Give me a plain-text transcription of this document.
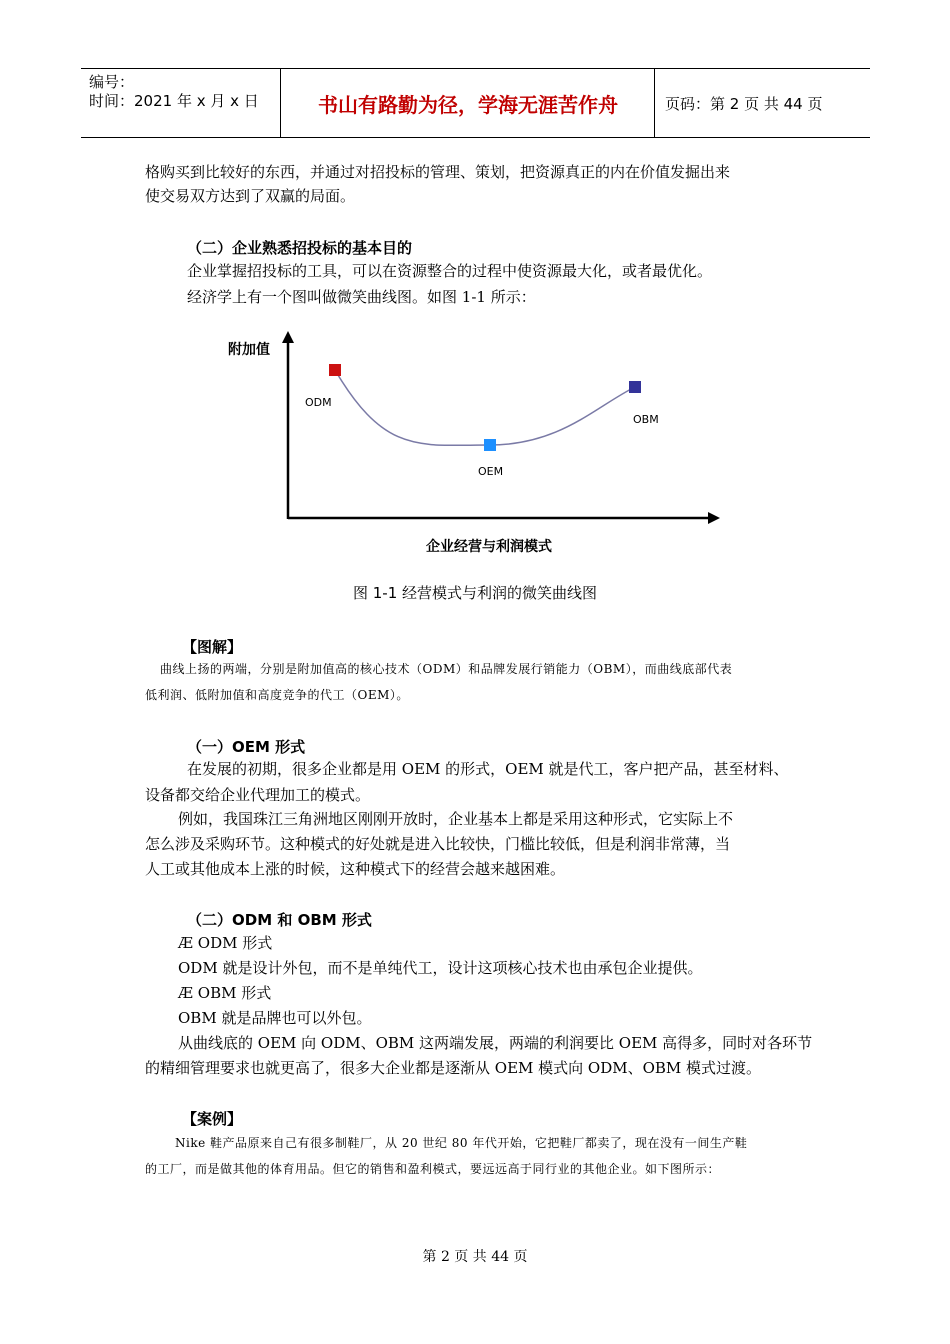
编号：
时间：2021 年 x 月 x 日	书山有路勤为径，学海无涯苦作舟	页码：第 2 页 共 44 页
格购买到比较好的东西，并通过对招投标的管理、策划，把资源真正的内在价值发掘出来
使交易双方达到了双赢的局面。
（二）企业熟悉招投标的基本目的
企业掌握招投标的工具，可以在资源整合的过程中使资源最大化，或者最优化。
经济学上有一个图叫做微笑曲线图。如图 1-1 所示：
附加值
企业经营与利润模式
ODM
OEM
OBM
图 1-1 经营模式与利润的微笑曲线图
【图解】
曲线上扬的两端，分别是附加值高的核心技术（ODM）和品牌发展行销能力（OBM），而曲线底部代表
低利润、低附加值和高度竞争的代工（OEM）。
（一）OEM 形式
在发展的初期，很多企业都是用 OEM 的形式，OEM 就是代工，客户把产品，甚至材料、
设备都交给企业代理加工的模式。
例如，我国珠江三角洲地区刚刚开放时，企业基本上都是采用这种形式，它实际上不
怎么涉及采购环节。这种模式的好处就是进入比较快，门槛比较低，但是利润非常薄，当
人工或其他成本上涨的时候，这种模式下的经营会越来越困难。
（二）ODM 和 OBM 形式
Æ ODM 形式
ODM 就是设计外包，而不是单纯代工，设计这项核心技术也由承包企业提供。
Æ OBM 形式
OBM 就是品牌也可以外包。
从曲线底的 OEM 向 ODM、OBM 这两端发展，两端的利润要比 OEM 高得多，同时对各环节
的精细管理要求也就更高了，很多大企业都是逐渐从 OEM 模式向 ODM、OBM 模式过渡。
【案例】
Nike 鞋产品原来自己有很多制鞋厂，从 20 世纪 80 年代开始，它把鞋厂都卖了，现在没有一间生产鞋
的工厂，而是做其他的体育用品。但它的销售和盈利模式，要远远高于同行业的其他企业。如下图所示：
第 2 页 共 44 页
